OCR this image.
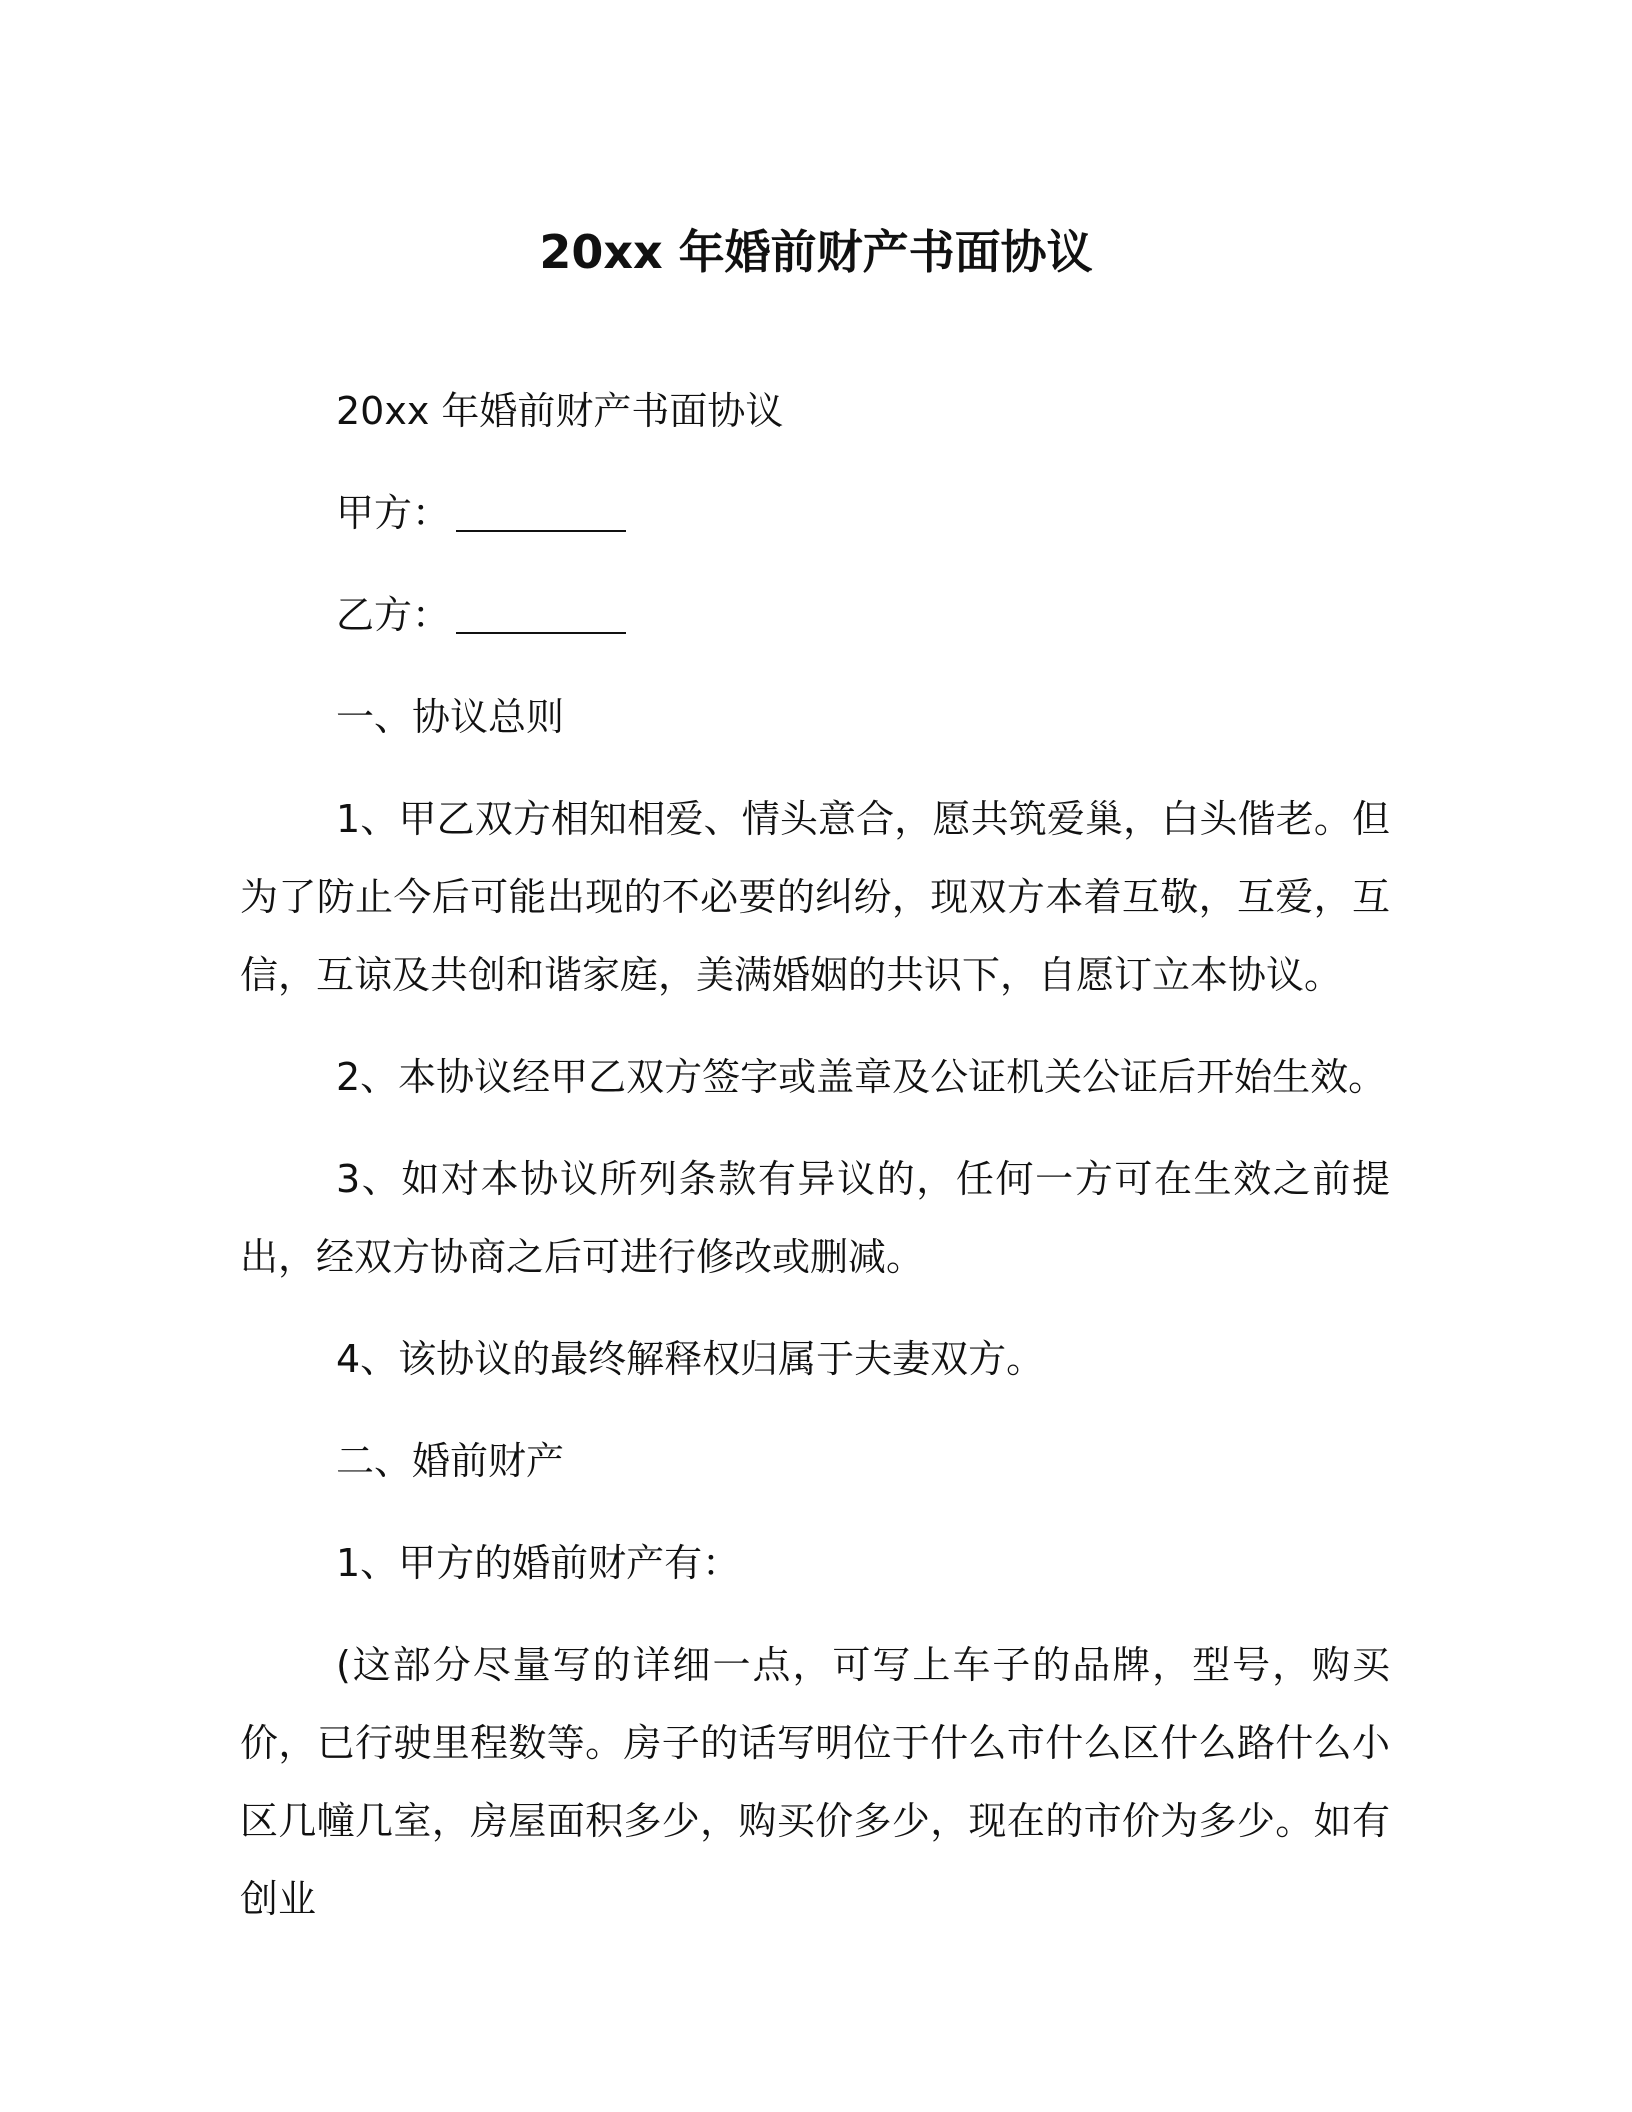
20xx 年婚前财产书面协议

20xx 年婚前财产书面协议

甲方：

乙方：

一、协议总则

1、甲乙双方相知相爱、情头意合，愿共筑爱巢，白头偕老。但为了防止今后可能出现的不必要的纠纷，现双方本着互敬，互爱，互信，互谅及共创和谐家庭，美满婚姻的共识下，自愿订立本协议。

2、本协议经甲乙双方签字或盖章及公证机关公证后开始生效。

3、如对本协议所列条款有异议的，任何一方可在生效之前提出，经双方协商之后可进行修改或删减。

4、该协议的最终解释权归属于夫妻双方。

二、婚前财产

1、甲方的婚前财产有：

(这部分尽量写的详细一点，可写上车子的品牌，型号，购买价，已行驶里程数等。房子的话写明位于什么市什么区什么路什么小区几幢几室，房屋面积多少，购买价多少，现在的市价为多少。如有创业
